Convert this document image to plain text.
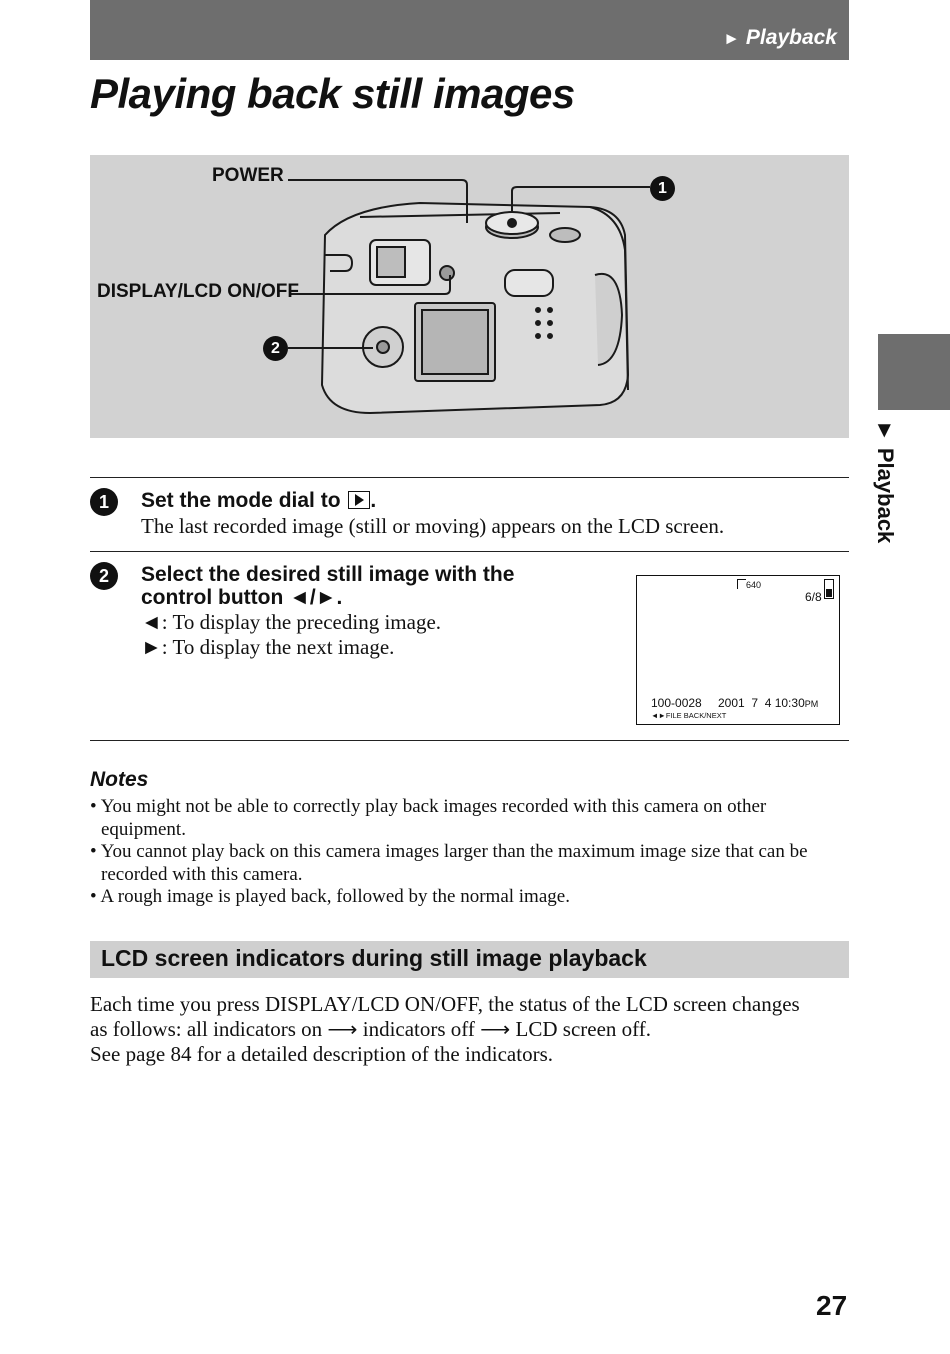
► Playback
Playing back still images
POWER
DISPLAY/LCD ON/OFF
1
2
► Playback
1	Set the mode dial to .
The last recorded image (still or moving) appears on the LCD screen.
2	Select the desired still image with the
control button ◄/►.
◄: To display the preceding image.
►: To display the next image.
640
6/8
100-0028 2001  7  4 10:30PM
◄►FILE BACK/NEXT
Notes
• You might not be able to correctly play back images recorded with this camera on other equipment.
• You cannot play back on this camera images larger than the maximum image size that can be recorded with this camera.
• A rough image is played back, followed by the normal image.
LCD screen indicators during still image playback
Each time you press DISPLAY/LCD ON/OFF, the status of the LCD screen changes
as follows: all indicators on ⟶ indicators off ⟶ LCD screen off.
See page 84 for a detailed description of the indicators.
27
